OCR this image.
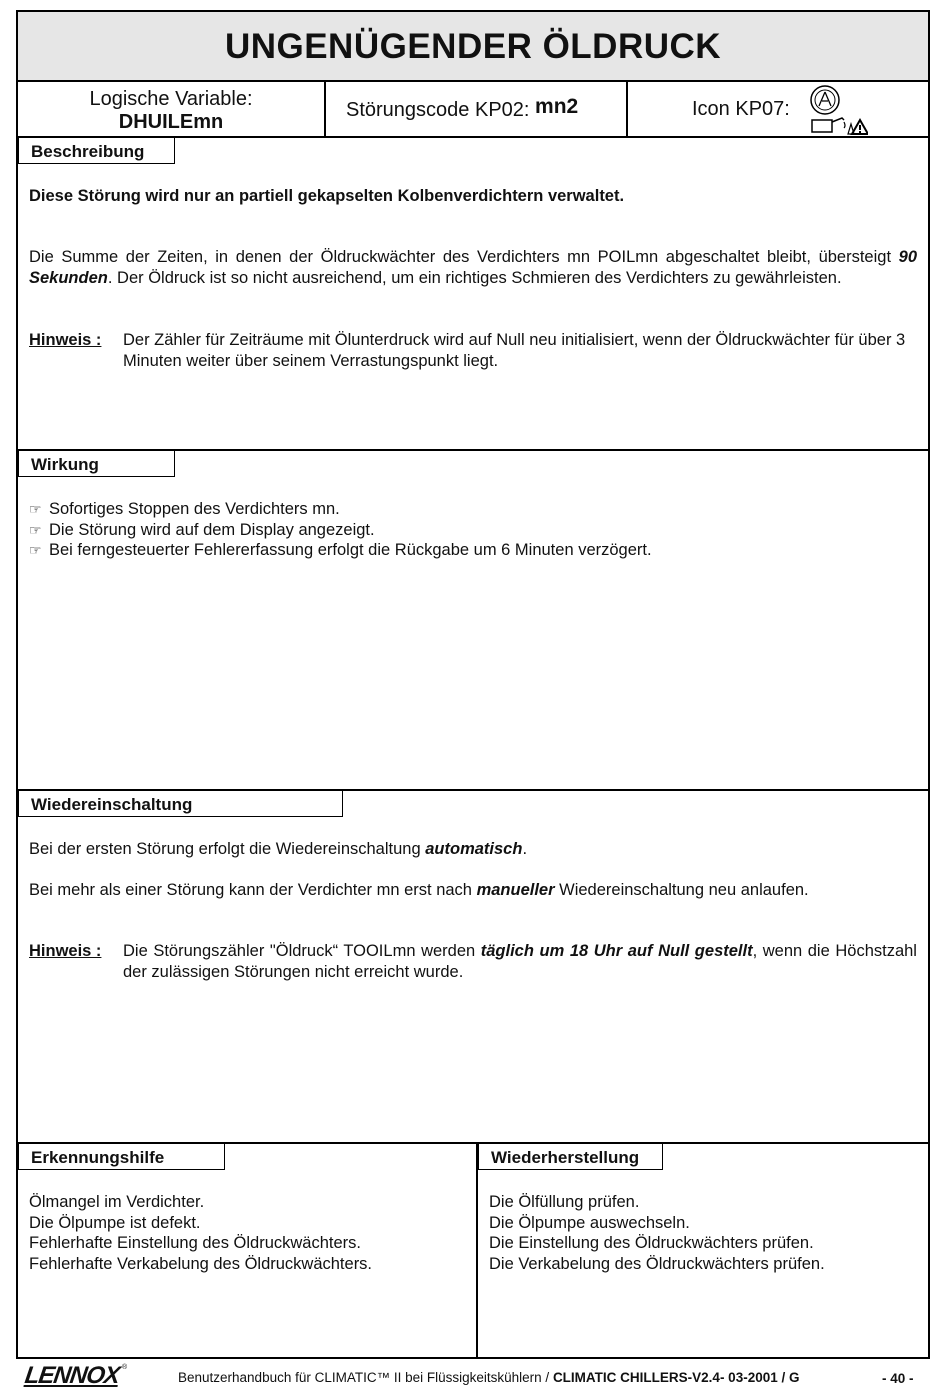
UNGENÜGENDER ÖLDRUCK
Logische Variable:
DHUILEmn
Störungscode KP02: mn2	Icon KP07:
Beschreibung
Diese Störung wird nur an partiell gekapselten Kolbenverdichtern verwaltet.
Die Summe der Zeiten, in denen der Öldruckwächter des Verdichters mn POILmn abgeschaltet bleibt, übersteigt 90 Sekunden. Der Öldruck ist so nicht ausreichend, um ein richtiges Schmieren des Verdichters zu gewährleisten.
Hinweis : Der Zähler für Zeiträume mit Ölunterdruck wird auf Null neu initialisiert, wenn der Öldruckwächter für über 3 Minuten weiter über seinem Verrastungspunkt liegt.
Wirkung
☞ Sofortiges Stoppen des Verdichters mn.
☞ Die Störung wird auf dem Display angezeigt.
☞ Bei ferngesteuerter Fehlererfassung erfolgt die Rückgabe um 6 Minuten verzögert.
Wiedereinschaltung
Bei der ersten Störung erfolgt die Wiedereinschaltung automatisch.
Bei mehr als einer Störung kann der Verdichter mn erst nach manueller Wiedereinschaltung neu anlaufen.
Hinweis : Die Störungszähler "Öldruck“ TOOILmn werden täglich um 18 Uhr auf Null gestellt, wenn die Höchstzahl der zulässigen Störungen nicht erreicht wurde.
Erkennungshilfe
Ölmangel im Verdichter.
Die Ölpumpe ist defekt.
Fehlerhafte Einstellung des Öldruckwächters.
Fehlerhafte Verkabelung des Öldruckwächters.
Wiederherstellung
Die Ölfüllung prüfen.
Die Ölpumpe auswechseln.
Die Einstellung des Öldruckwächters prüfen.
Die Verkabelung des Öldruckwächters prüfen.
LENNOX ®
Benutzerhandbuch für CLIMATIC™ II bei Flüssigkeitskühlern / CLIMATIC CHILLERS-V2.4- 03-2001 / G	- 40 -
